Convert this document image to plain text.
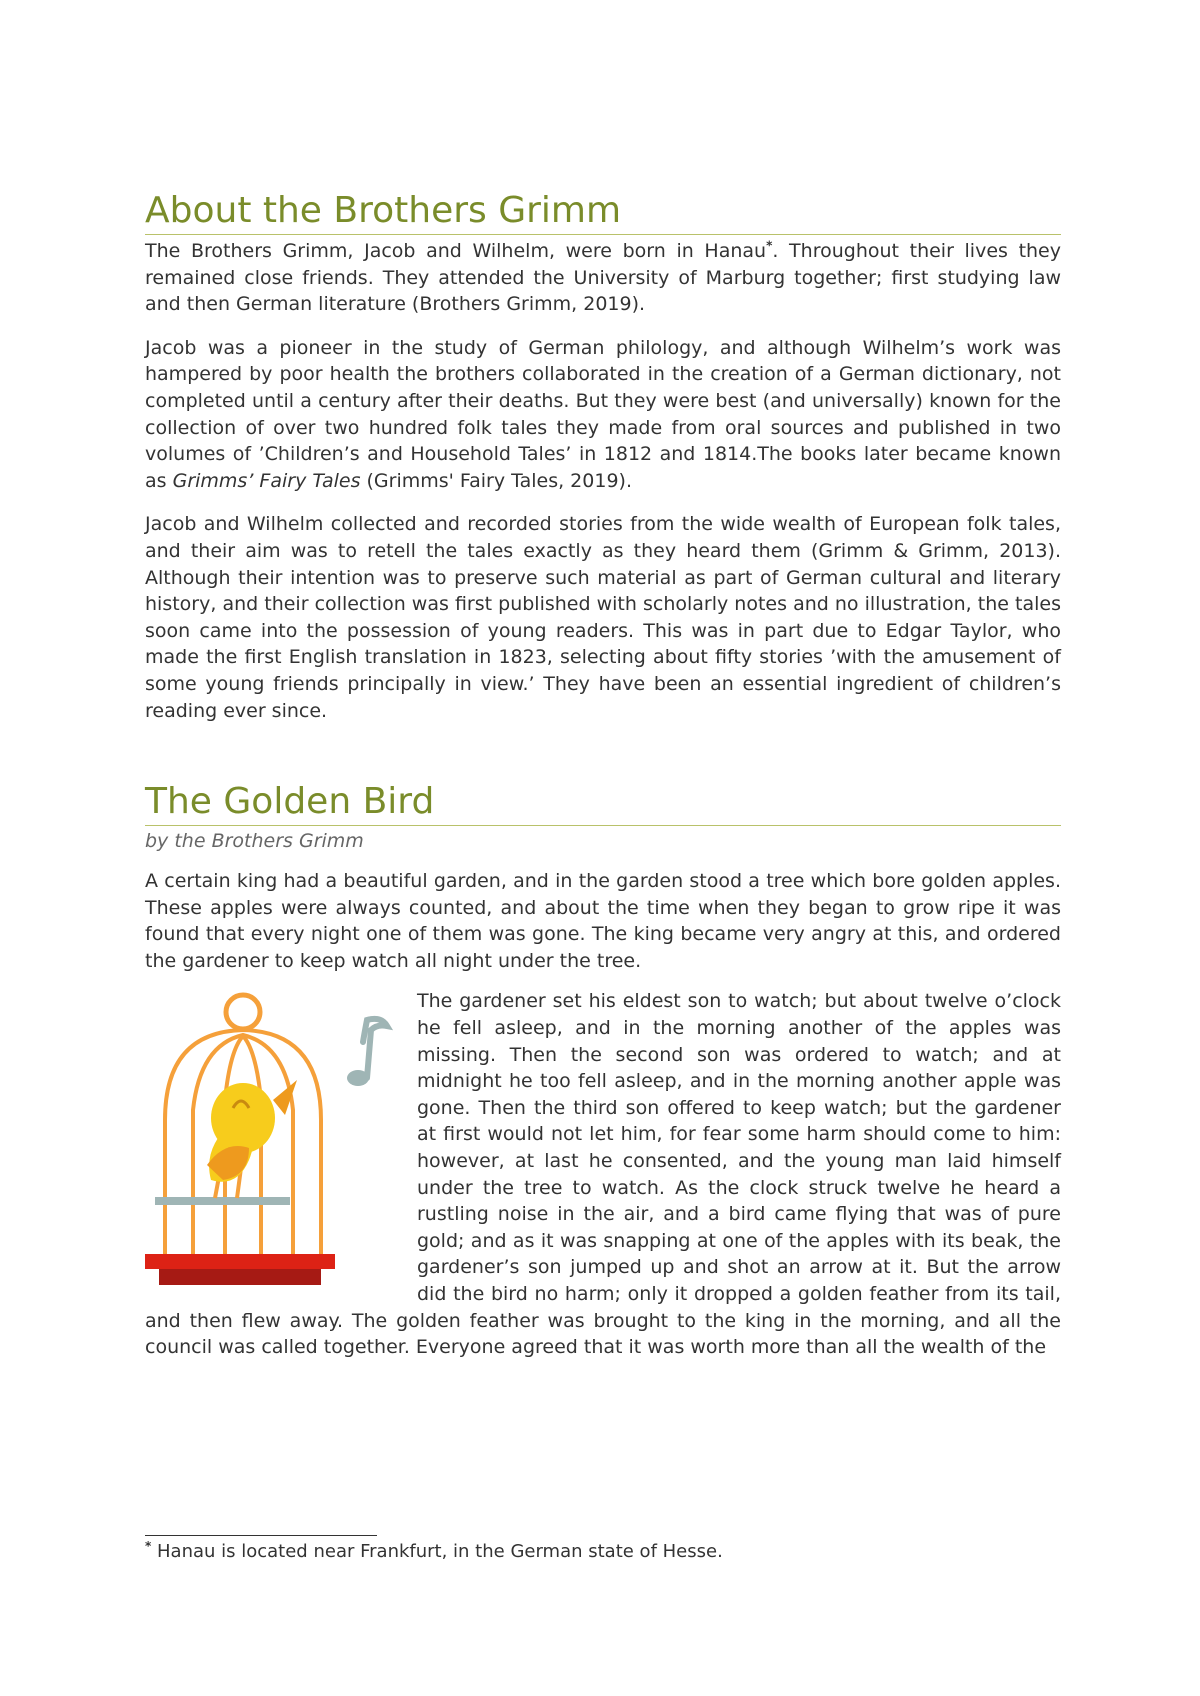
About the Brothers Grimm

The Brothers Grimm, Jacob and Wilhelm, were born in Hanau*. Throughout their lives they remained close friends. They attended the University of Marburg together; first studying law and then German literature (Brothers Grimm, 2019).

Jacob was a pioneer in the study of German philology, and although Wilhelm’s work was hampered by poor health the brothers collaborated in the creation of a German dictionary, not completed until a century after their deaths. But they were best (and universally) known for the collection of over two hundred folk tales they made from oral sources and published in two volumes of ’Children’s and Household Tales’ in 1812 and 1814.The books later became known as Grimms’ Fairy Tales (Grimms' Fairy Tales, 2019).

Jacob and Wilhelm collected and recorded stories from the wide wealth of European folk tales, and their aim was to retell the tales exactly as they heard them (Grimm & Grimm, 2013). Although their intention was to preserve such material as part of German cultural and literary history, and their collection was first published with scholarly notes and no illustration, the tales soon came into the possession of young readers. This was in part due to Edgar Taylor, who made the first English translation in 1823, selecting about fifty stories ’with the amusement of some young friends principally in view.’ They have been an essential ingredient of children’s reading ever since.

The Golden Bird
by the Brothers Grimm

A certain king had a beautiful garden, and in the garden stood a tree which bore golden apples. These apples were always counted, and about the time when they began to grow ripe it was found that every night one of them was gone. The king became very angry at this, and ordered the gardener to keep watch all night under the tree.

The gardener set his eldest son to watch; but about twelve o’clock he fell asleep, and in the morning another of the apples was missing. Then the second son was ordered to watch; and at midnight he too fell asleep, and in the morning another apple was gone. Then the third son offered to keep watch; but the gardener at first would not let him, for fear some harm should come to him: however, at last he consented, and the young man laid himself under the tree to watch. As the clock struck twelve he heard a rustling noise in the air, and a bird came flying that was of pure gold; and as it was snapping at one of the apples with its beak, the gardener’s son jumped up and shot an arrow at it. But the arrow did the bird no harm; only it dropped a golden feather from its tail, and then flew away. The golden feather was brought to the king in the morning, and all the council was called together. Everyone agreed that it was worth more than all the wealth of the

* Hanau is located near Frankfurt, in the German state of Hesse.
